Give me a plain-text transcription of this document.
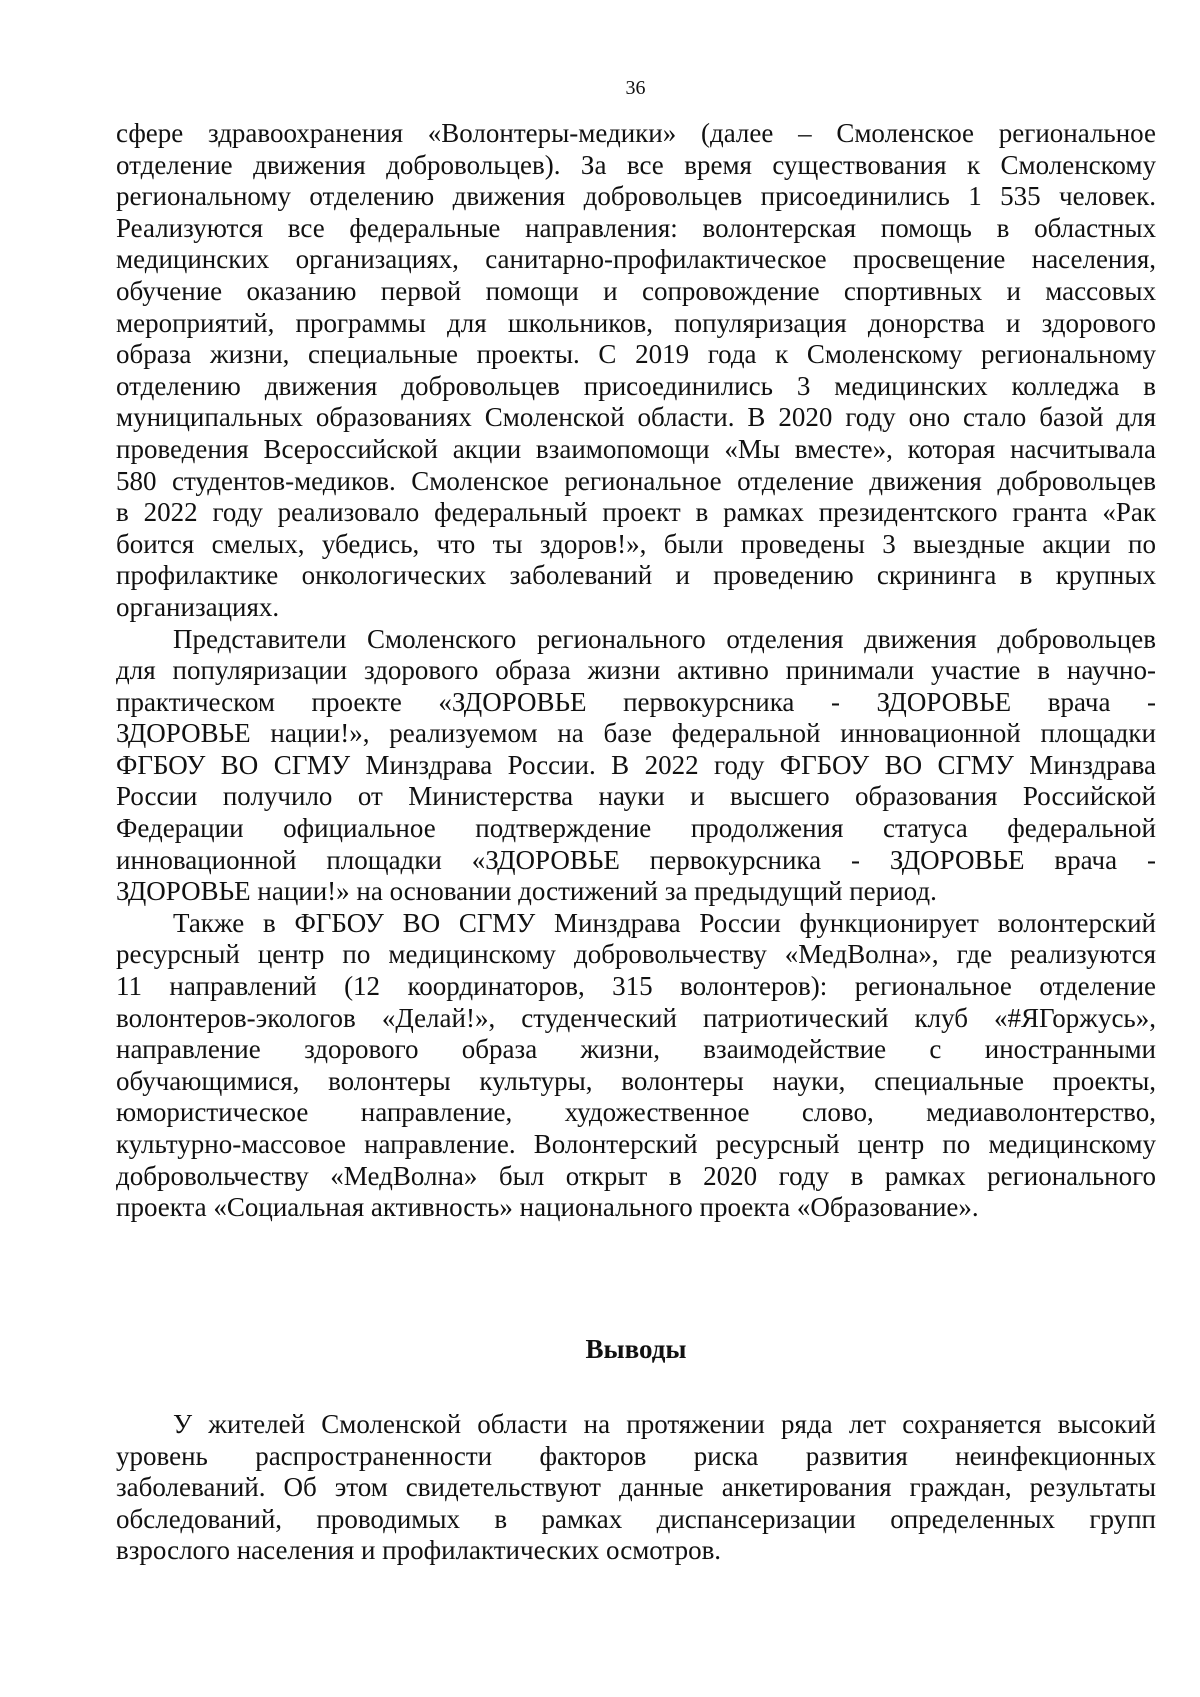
36
сфере здравоохранения «Волонтеры-медики» (далее – Смоленское региональное
отделение движения добровольцев). За все время существования к Смоленскому
региональному отделению движения добровольцев присоединились 1 535 человек.
Реализуются все федеральные направления: волонтерская помощь в областных
медицинских организациях, санитарно-профилактическое просвещение населения,
обучение оказанию первой помощи и сопровождение спортивных и массовых
мероприятий, программы для школьников, популяризация донорства и здорового
образа жизни, специальные проекты. С 2019 года к Смоленскому региональному
отделению движения добровольцев присоединились 3 медицинских колледжа в
муниципальных образованиях Смоленской области. В 2020 году оно стало базой для
проведения Всероссийской акции взаимопомощи «Мы вместе», которая насчитывала
580 студентов-медиков. Смоленское региональное отделение движения добровольцев
в 2022 году реализовало федеральный проект в рамках президентского гранта «Рак
боится смелых, убедись, что ты здоров!», были проведены 3 выездные акции по
профилактике онкологических заболеваний и проведению скрининга в крупных
организациях.
Представители Смоленского регионального отделения движения добровольцев
для популяризации здорового образа жизни активно принимали участие в научно-
практическом проекте «ЗДОРОВЬЕ первокурсника - ЗДОРОВЬЕ врача -
ЗДОРОВЬЕ нации!», реализуемом на базе федеральной инновационной площадки
ФГБОУ ВО СГМУ Минздрава России. В 2022 году ФГБОУ ВО СГМУ Минздрава
России получило от Министерства науки и высшего образования Российской
Федерации официальное подтверждение продолжения статуса федеральной
инновационной площадки «ЗДОРОВЬЕ первокурсника - ЗДОРОВЬЕ врача -
ЗДОРОВЬЕ нации!» на основании достижений за предыдущий период.
Также в ФГБОУ ВО СГМУ Минздрава России функционирует волонтерский
ресурсный центр по медицинскому добровольчеству «МедВолна», где реализуются
11 направлений (12 координаторов, 315 волонтеров): региональное отделение
волонтеров-экологов «Делай!», студенческий патриотический клуб «#ЯГоржусь»,
направление здорового образа жизни, взаимодействие с иностранными
обучающимися, волонтеры культуры, волонтеры науки, специальные проекты,
юмористическое направление, художественное слово, медиаволонтерство,
культурно-массовое направление. Волонтерский ресурсный центр по медицинскому
добровольчеству «МедВолна» был открыт в 2020 году в рамках регионального
проекта «Социальная активность» национального проекта «Образование».
Выводы
У жителей Смоленской области на протяжении ряда лет сохраняется высокий
уровень распространенности факторов риска развития неинфекционных
заболеваний. Об этом свидетельствуют данные анкетирования граждан, результаты
обследований, проводимых в рамках диспансеризации определенных групп
взрослого населения и профилактических осмотров.
